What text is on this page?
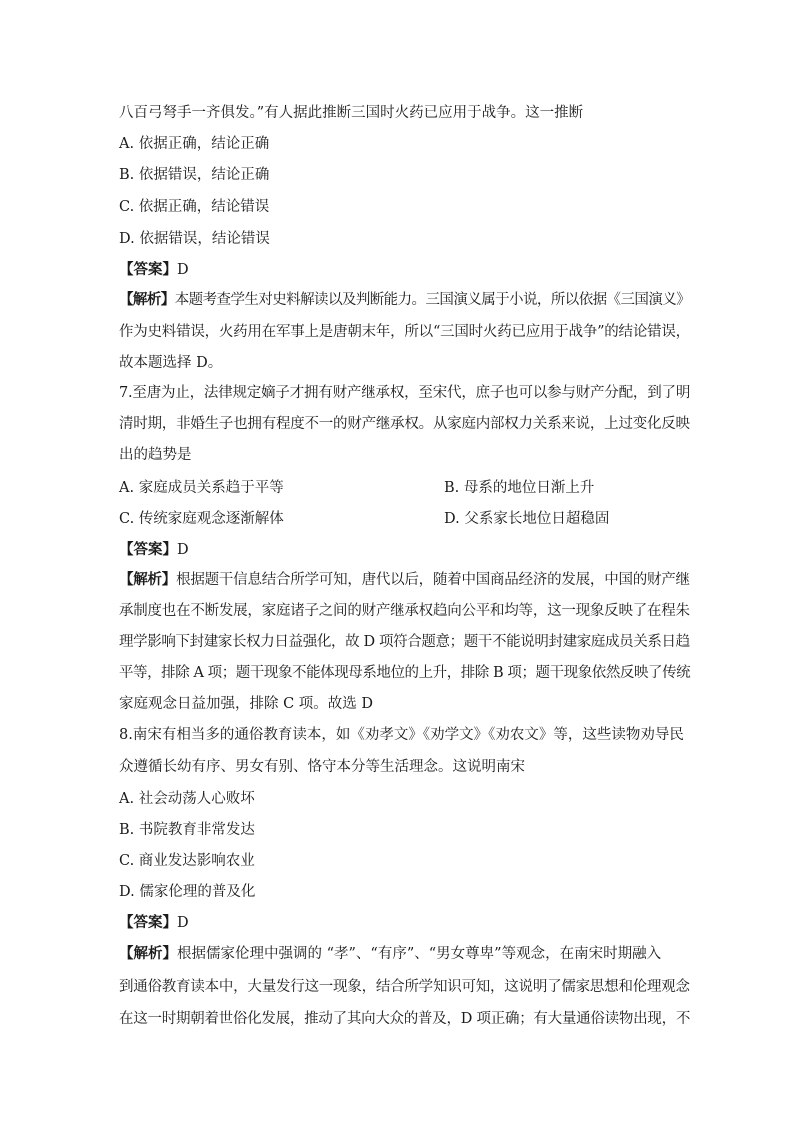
八百弓弩手一齐俱发。”有人据此推断三国时火药已应用于战争。这一推断
A. 依据正确，结论正确
B. 依据错误，结论正确
C. 依据正确，结论错误
D. 依据错误，结论错误
【答案】D
【解析】本题考查学生对史料解读以及判断能力。三国演义属于小说，所以依据《三国演义》
作为史料错误，火药用在军事上是唐朝末年，所以“三国时火药已应用于战争”的结论错误，
故本题选择 D。
7.至唐为止，法律规定嫡子才拥有财产继承权，至宋代，庶子也可以参与财产分配，到了明
清时期，非婚生子也拥有程度不一的财产继承权。从家庭内部权力关系来说，上过变化反映
出的趋势是
A. 家庭成员关系趋于平等	B. 母系的地位日渐上升
C. 传统家庭观念逐渐解体	D. 父系家长地位日超稳固
【答案】D
【解析】根据题干信息结合所学可知，唐代以后，随着中国商品经济的发展，中国的财产继
承制度也在不断发展，家庭诸子之间的财产继承权趋向公平和均等，这一现象反映了在程朱
理学影响下封建家长权力日益强化，故 D 项符合题意；题干不能说明封建家庭成员关系日趋
平等，排除 A 项；题干现象不能体现母系地位的上升，排除 B 项；题干现象依然反映了传统
家庭观念日益加强，排除 C 项。故选 D
8.南宋有相当多的通俗教育读本，如《劝孝文》《劝学文》《劝农文》等，这些读物劝导民
众遵循长幼有序、男女有别、恪守本分等生活理念。这说明南宋
A. 社会动荡人心败坏
B. 书院教育非常发达
C. 商业发达影响农业
D. 儒家伦理的普及化
【答案】D
【解析】根据儒家伦理中强调的 “孝”、“有序”、“男女尊卑”等观念，在南宋时期融入
到通俗教育读本中，大量发行这一现象，结合所学知识可知，这说明了儒家思想和伦理观念
在这一时期朝着世俗化发展，推动了其向大众的普及，D 项正确；有大量通俗读物出现，不
